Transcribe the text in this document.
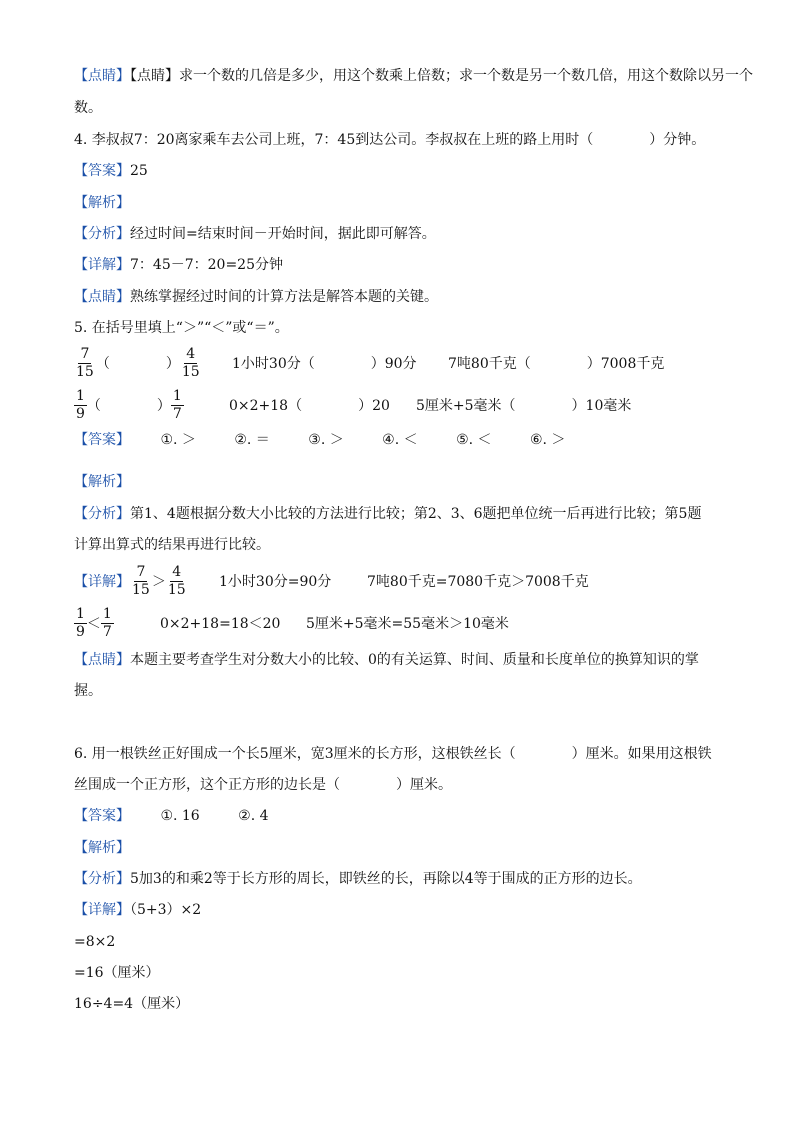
【点睛】【点睛】求一个数的几倍是多少，用这个数乘上倍数；求一个数是另一个数几倍，用这个数除以另一个
数。
4. 李叔叔7：20离家乘车去公司上班，7：45到达公司。李叔叔在上班的路上用时（　　　　）分钟。
【答案】25
【解析】
【分析】经过时间=结束时间－开始时间，据此即可解答。
【详解】7：45－7：20=25分钟
【点睛】熟练掌握经过时间的计算方法是解答本题的关键。
5. 在括号里填上“＞”“＜”或“＝”。
$\frac{7}{15}$ （　　　　） $\frac{4}{15} 1$小时30分（　　　　）90分 7吨80千克（　　　　）7008千克
$\frac{1}{9}$ （　　　　） $\frac{1}{7}$	0×2+18（　　　　）20 5厘米+5毫米（　　　　）10毫米
【答案】 ①. ＞	②. ＝	③. ＞	④. ＜	⑤. ＜	⑥. ＞
【解析】
【分析】第1、4题根据分数大小比较的方法进行比较；第2、3、6题把单位统一后再进行比较；第5题
计算出算式的结果再进行比较。
【详解】 $\frac{7}{15} > \frac{4}{15} 1$小时30分=90分	7吨80千克=7080千克＞7008千克
$\frac{1}{9} < \frac{1}{7}$	0×2+18=18＜20 5厘米+5毫米=55毫米＞10毫米
【点睛】本题主要考查学生对分数大小的比较、0的有关运算、时间、质量和长度单位的换算知识的掌
握。
6. 用一根铁丝正好围成一个长5厘米，宽3厘米的长方形，这根铁丝长（　　　　）厘米。如果用这根铁
丝围成一个正方形，这个正方形的边长是（　　　　）厘米。
【答案】 ①. 16	②. 4
【解析】
【分析】5加3的和乘2等于长方形的周长，即铁丝的长，再除以4等于围成的正方形的边长。
【详解】（5+3）×2
=8×2
=16（厘米）
16÷4=4（厘米）
